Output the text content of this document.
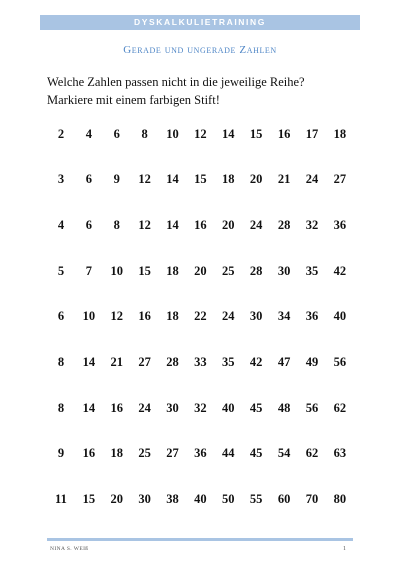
DYSKALKULIETRAINING
Gerade und ungerade Zahlen
Welche Zahlen passen nicht in die jeweilige Reihe?
Markiere mit einem farbigen Stift!
2	4	6	8	10	12	14	15	16	17	18
3	6	9	12	14	15	18	20	21	24	27
4	6	8	12	14	16	20	24	28	32	36
5	7	10	15	18	20	25	28	30	35	42
6	10	12	16	18	22	24	30	34	36	40
8	14	21	27	28	33	35	42	47	49	56
8	14	16	24	30	32	40	45	48	56	62
9	16	18	25	27	36	44	45	54	62	63
11	15	20	30	38	40	50	55	60	70	80
NINA S. WEIß	1
